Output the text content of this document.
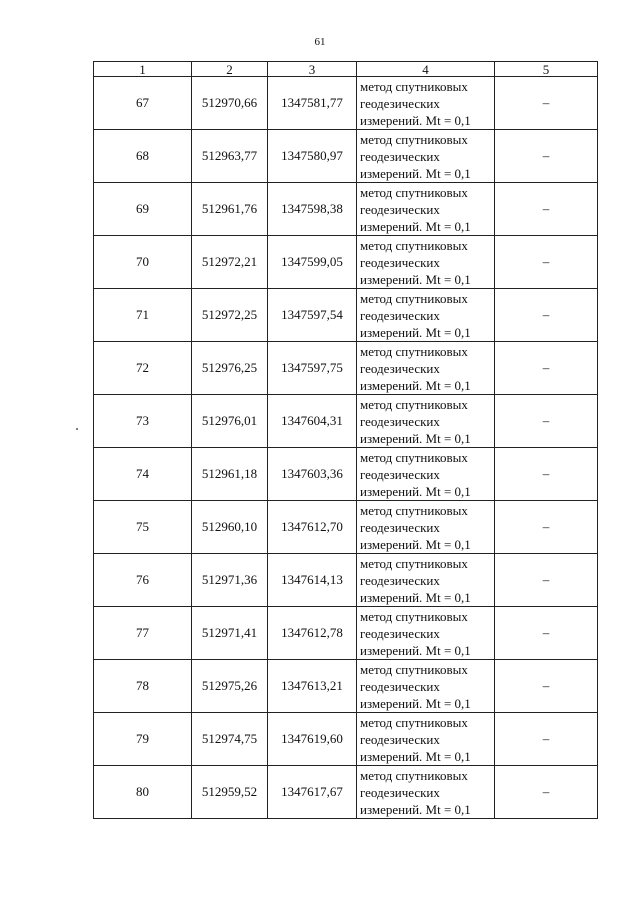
61
1	2	3	4	5
67	512970,66	1347581,77	метод спутниковых
геодезических
измерений. Mt = 0,1	–
68	512963,77	1347580,97	метод спутниковых
геодезических
измерений. Mt = 0,1	–
69	512961,76	1347598,38	метод спутниковых
геодезических
измерений. Mt = 0,1	–
70	512972,21	1347599,05	метод спутниковых
геодезических
измерений. Mt = 0,1	–
71	512972,25	1347597,54	метод спутниковых
геодезических
измерений. Mt = 0,1	–
72	512976,25	1347597,75	метод спутниковых
геодезических
измерений. Mt = 0,1	–
73	512976,01	1347604,31	метод спутниковых
геодезических
измерений. Mt = 0,1	–
74	512961,18	1347603,36	метод спутниковых
геодезических
измерений. Mt = 0,1	–
75	512960,10	1347612,70	метод спутниковых
геодезических
измерений. Mt = 0,1	–
76	512971,36	1347614,13	метод спутниковых
геодезических
измерений. Mt = 0,1	–
77	512971,41	1347612,78	метод спутниковых
геодезических
измерений. Mt = 0,1	–
78	512975,26	1347613,21	метод спутниковых
геодезических
измерений. Mt = 0,1	–
79	512974,75	1347619,60	метод спутниковых
геодезических
измерений. Mt = 0,1	–
80	512959,52	1347617,67	метод спутниковых
геодезических
измерений. Mt = 0,1	–
